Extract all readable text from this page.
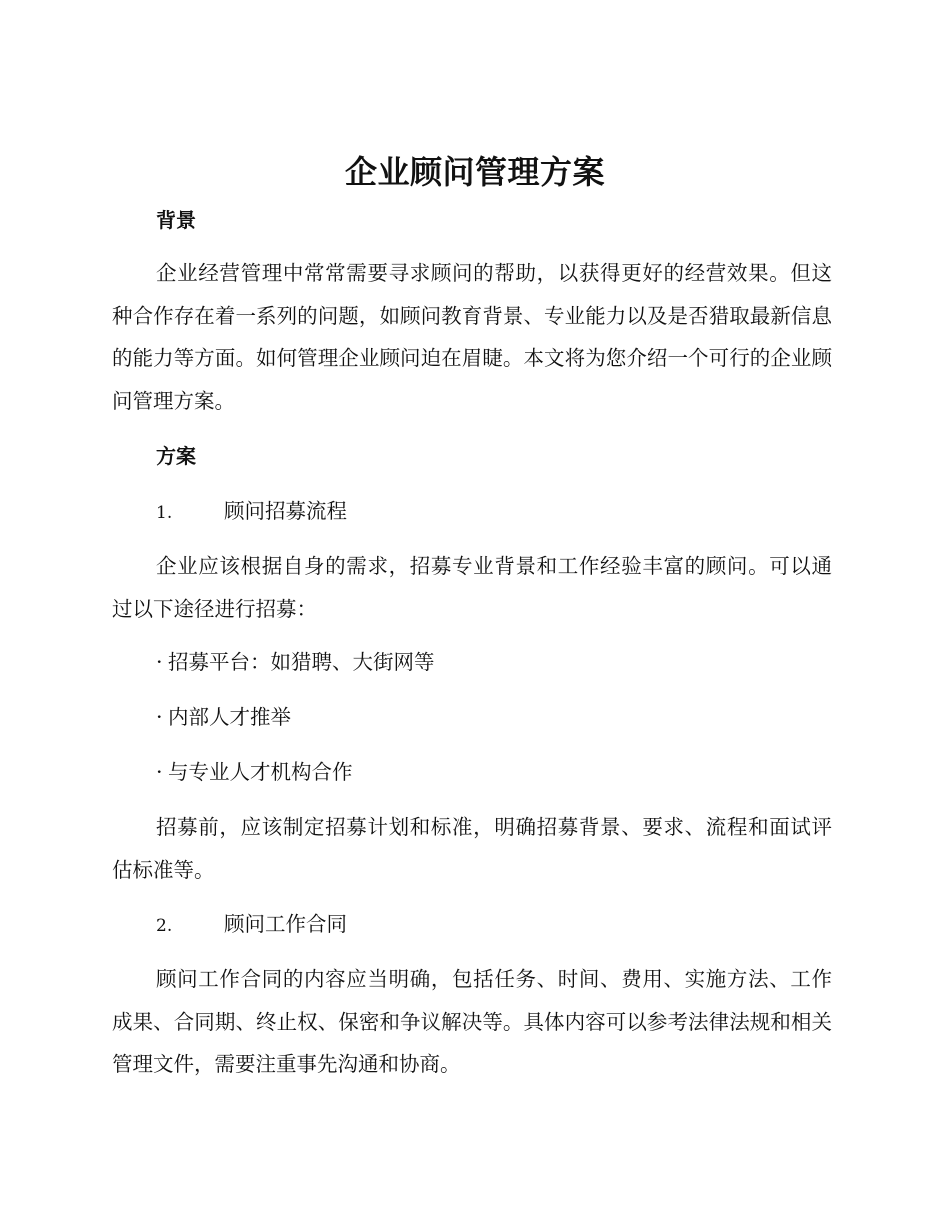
企业顾问管理方案
背景

企业经营管理中常常需要寻求顾问的帮助，以获得更好的经营效果。但这种合作存在着一系列的问题，如顾问教育背景、专业能力以及是否猎取最新信息的能力等方面。如何管理企业顾问迫在眉睫。本文将为您介绍一个可行的企业顾问管理方案。

方案
1.	顾问招募流程

企业应该根据自身的需求，招募专业背景和工作经验丰富的顾问。可以通过以下途径进行招募：

· 招募平台：如猎聘、大街网等
· 内部人才推举
· 与专业人才机构合作

招募前，应该制定招募计划和标准，明确招募背景、要求、流程和面试评估标准等。

2.	顾问工作合同

顾问工作合同的内容应当明确，包括任务、时间、费用、实施方法、工作成果、合同期、终止权、保密和争议解决等。具体内容可以参考法律法规和相关管理文件，需要注重事先沟通和协商。
